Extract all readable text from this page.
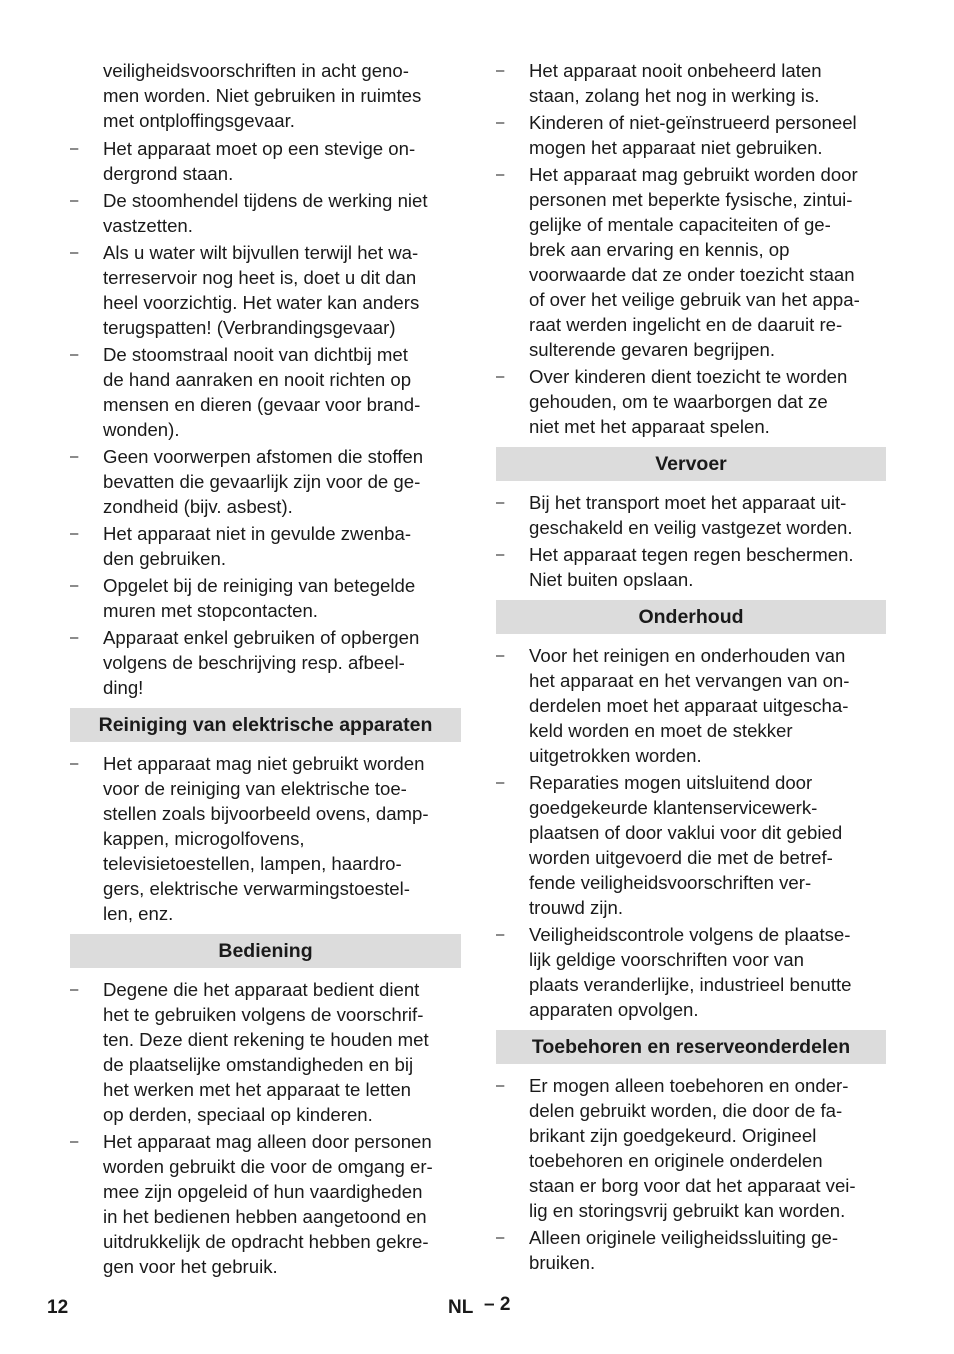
veiligheidsvoorschriften in acht geno-
men worden. Niet gebruiken in ruimtes
met ontploffingsgevaar.

– Het apparaat moet op een stevige on-
dergrond staan.
– De stoomhendel tijdens de werking niet
vastzetten.
– Als u water wilt bijvullen terwijl het wa-
terreservoir nog heet is, doet u dit dan
heel voorzichtig. Het water kan anders
terugspatten! (Verbrandingsgevaar)
– De stoomstraal nooit van dichtbij met
de hand aanraken en nooit richten op
mensen en dieren (gevaar voor brand-
wonden).
– Geen voorwerpen afstomen die stoffen
bevatten die gevaarlijk zijn voor de ge-
zondheid (bijv. asbest).
– Het apparaat niet in gevulde zwenba-
den gebruiken.
– Opgelet bij de reiniging van betegelde
muren met stopcontacten.
– Apparaat enkel gebruiken of opbergen
volgens de beschrijving resp. afbeel-
ding!
Reiniging van elektrische apparaten
– Het apparaat mag niet gebruikt worden
voor de reiniging van elektrische toe-
stellen zoals bijvoorbeeld ovens, damp-
kappen, microgolfovens,
televisietoestellen, lampen, haardro-
gers, elektrische verwarmingstoestel-
len, enz.
Bediening
– Degene die het apparaat bedient dient
het te gebruiken volgens de voorschrif-
ten. Deze dient rekening te houden met
de plaatselijke omstandigheden en bij
het werken met het apparaat te letten
op derden, speciaal op kinderen.
– Het apparaat mag alleen door personen
worden gebruikt die voor de omgang er-
mee zijn opgeleid of hun vaardigheden
in het bedienen hebben aangetoond en
uitdrukkelijk de opdracht hebben gekre-
gen voor het gebruik.
– Het apparaat nooit onbeheerd laten
staan, zolang het nog in werking is.
– Kinderen of niet-geïnstrueerd personeel
mogen het apparaat niet gebruiken.
– Het apparaat mag gebruikt worden door
personen met beperkte fysische, zintui-
gelijke of mentale capaciteiten of ge-
brek aan ervaring en kennis, op
voorwaarde dat ze onder toezicht staan
of over het veilige gebruik van het appa-
raat werden ingelicht en de daaruit re-
sulterende gevaren begrijpen.
– Over kinderen dient toezicht te worden
gehouden, om te waarborgen dat ze
niet met het apparaat spelen.
Vervoer
– Bij het transport moet het apparaat uit-
geschakeld en veilig vastgezet worden.
– Het apparaat tegen regen beschermen.
Niet buiten opslaan.
Onderhoud
– Voor het reinigen en onderhouden van
het apparaat en het vervangen van on-
derdelen moet het apparaat uitgescha-
keld worden en moet de stekker
uitgetrokken worden.
– Reparaties mogen uitsluitend door
goedgekeurde klantenservicewerk-
plaatsen of door vaklui voor dit gebied
worden uitgevoerd die met de betref-
fende veiligheidsvoorschriften ver-
trouwd zijn.
– Veiligheidscontrole volgens de plaatse-
lijk geldige voorschriften voor van
plaats veranderlijke, industrieel benutte
apparaten opvolgen.
Toebehoren en reserveonderdelen
– Er mogen alleen toebehoren en onder-
delen gebruikt worden, die door de fa-
brikant zijn goedgekeurd. Origineel
toebehoren en originele onderdelen
staan er borg voor dat het apparaat vei-
lig en storingsvrij gebruikt kan worden.
– Alleen originele veiligheidssluiting ge-
bruiken.
12	NL – 2
